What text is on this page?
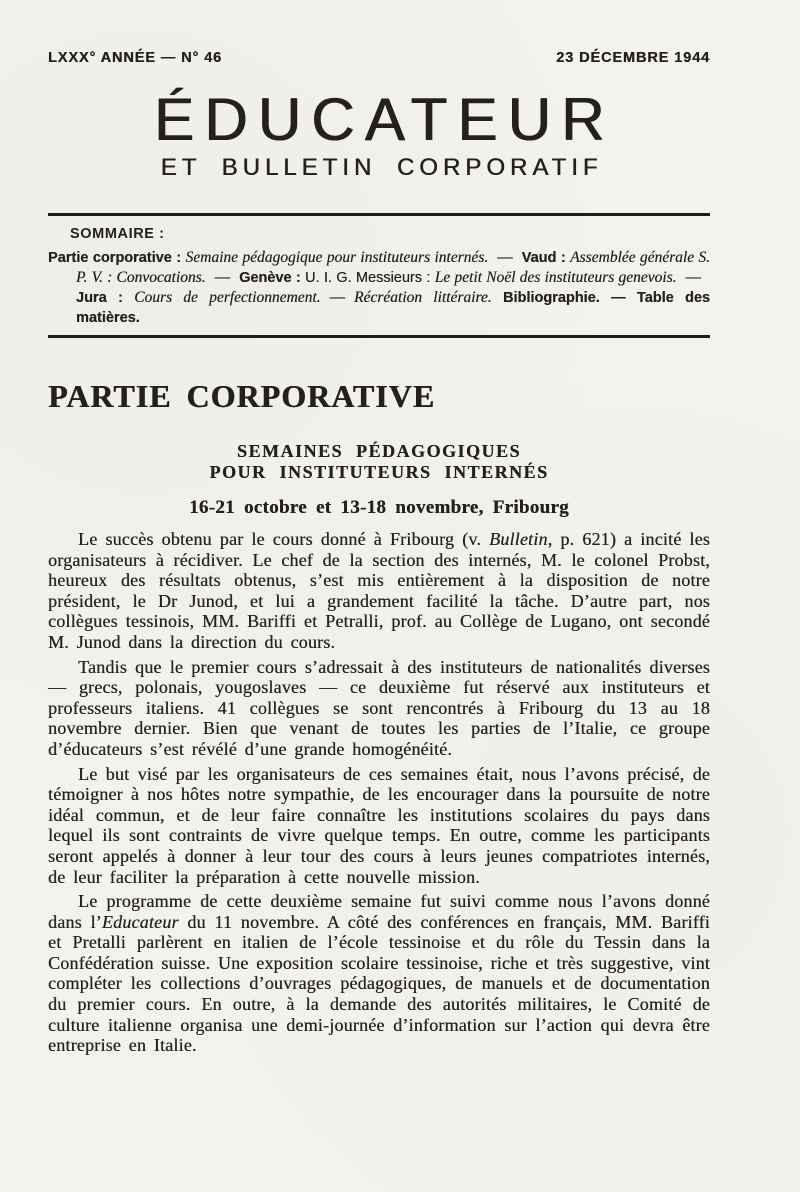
LXXX° ANNÉE — N° 46	23 DÉCEMBRE 1944
ÉDUCATEUR
ET BULLETIN CORPORATIF
SOMMAIRE :

Partie corporative : Semaine pédagogique pour instituteurs internés. — Vaud : Assemblée générale S. P. V. : Convocations. — Genève : U. I. G. Messieurs : Le petit Noël des instituteurs genevois. —Jura : Cours de perfectionnement. — Récréation littéraire. Bibliographie. — Table des matières.

PARTIE CORPORATIVE
SEMAINES PÉDAGOGIQUES
POUR INSTITUTEURS INTERNÉS
16-21 octobre et 13-18 novembre, Fribourg

Le succès obtenu par le cours donné à Fribourg (v. Bulletin, p. 621) a incité les organisateurs à récidiver. Le chef de la section des internés, M. le colonel Probst, heureux des résultats obtenus, s’est mis entièrement à la disposition de notre président, le Dr Junod, et lui a grandement facilité la tâche. D’autre part, nos collègues tessinois, MM. Bariffi et Petralli, prof. au Collège de Lugano, ont secondé M. Junod dans la direction du cours.

Tandis que le premier cours s’adressait à des instituteurs de nationalités diverses — grecs, polonais, yougoslaves — ce deuxième fut réservé aux instituteurs et professeurs italiens. 41 collègues se sont rencontrés à Fribourg du 13 au 18 novembre dernier. Bien que venant de toutes les parties de l’Italie, ce groupe d’éducateurs s’est révélé d’une grande homogénéité.

Le but visé par les organisateurs de ces semaines était, nous l’avons précisé, de témoigner à nos hôtes notre sympathie, de les encourager dans la poursuite de notre idéal commun, et de leur faire connaître les institutions scolaires du pays dans lequel ils sont contraints de vivre quelque temps. En outre, comme les participants seront appelés à donner à leur tour des cours à leurs jeunes compatriotes internés, de leur faciliter la préparation à cette nouvelle mission.

Le programme de cette deuxième semaine fut suivi comme nous l’avons donné dans l’Educateur du 11 novembre. A côté des conférences en français, MM. Bariffi et Pretalli parlèrent en italien de l’école tessinoise et du rôle du Tessin dans la Confédération suisse. Une exposition scolaire tessinoise, riche et très suggestive, vint compléter les collections d’ouvrages pédagogiques, de manuels et de documentation du premier cours. En outre, à la demande des autorités militaires, le Comité de culture italienne organisa une demi-journée d’information sur l’action qui devra être entreprise en Italie.
